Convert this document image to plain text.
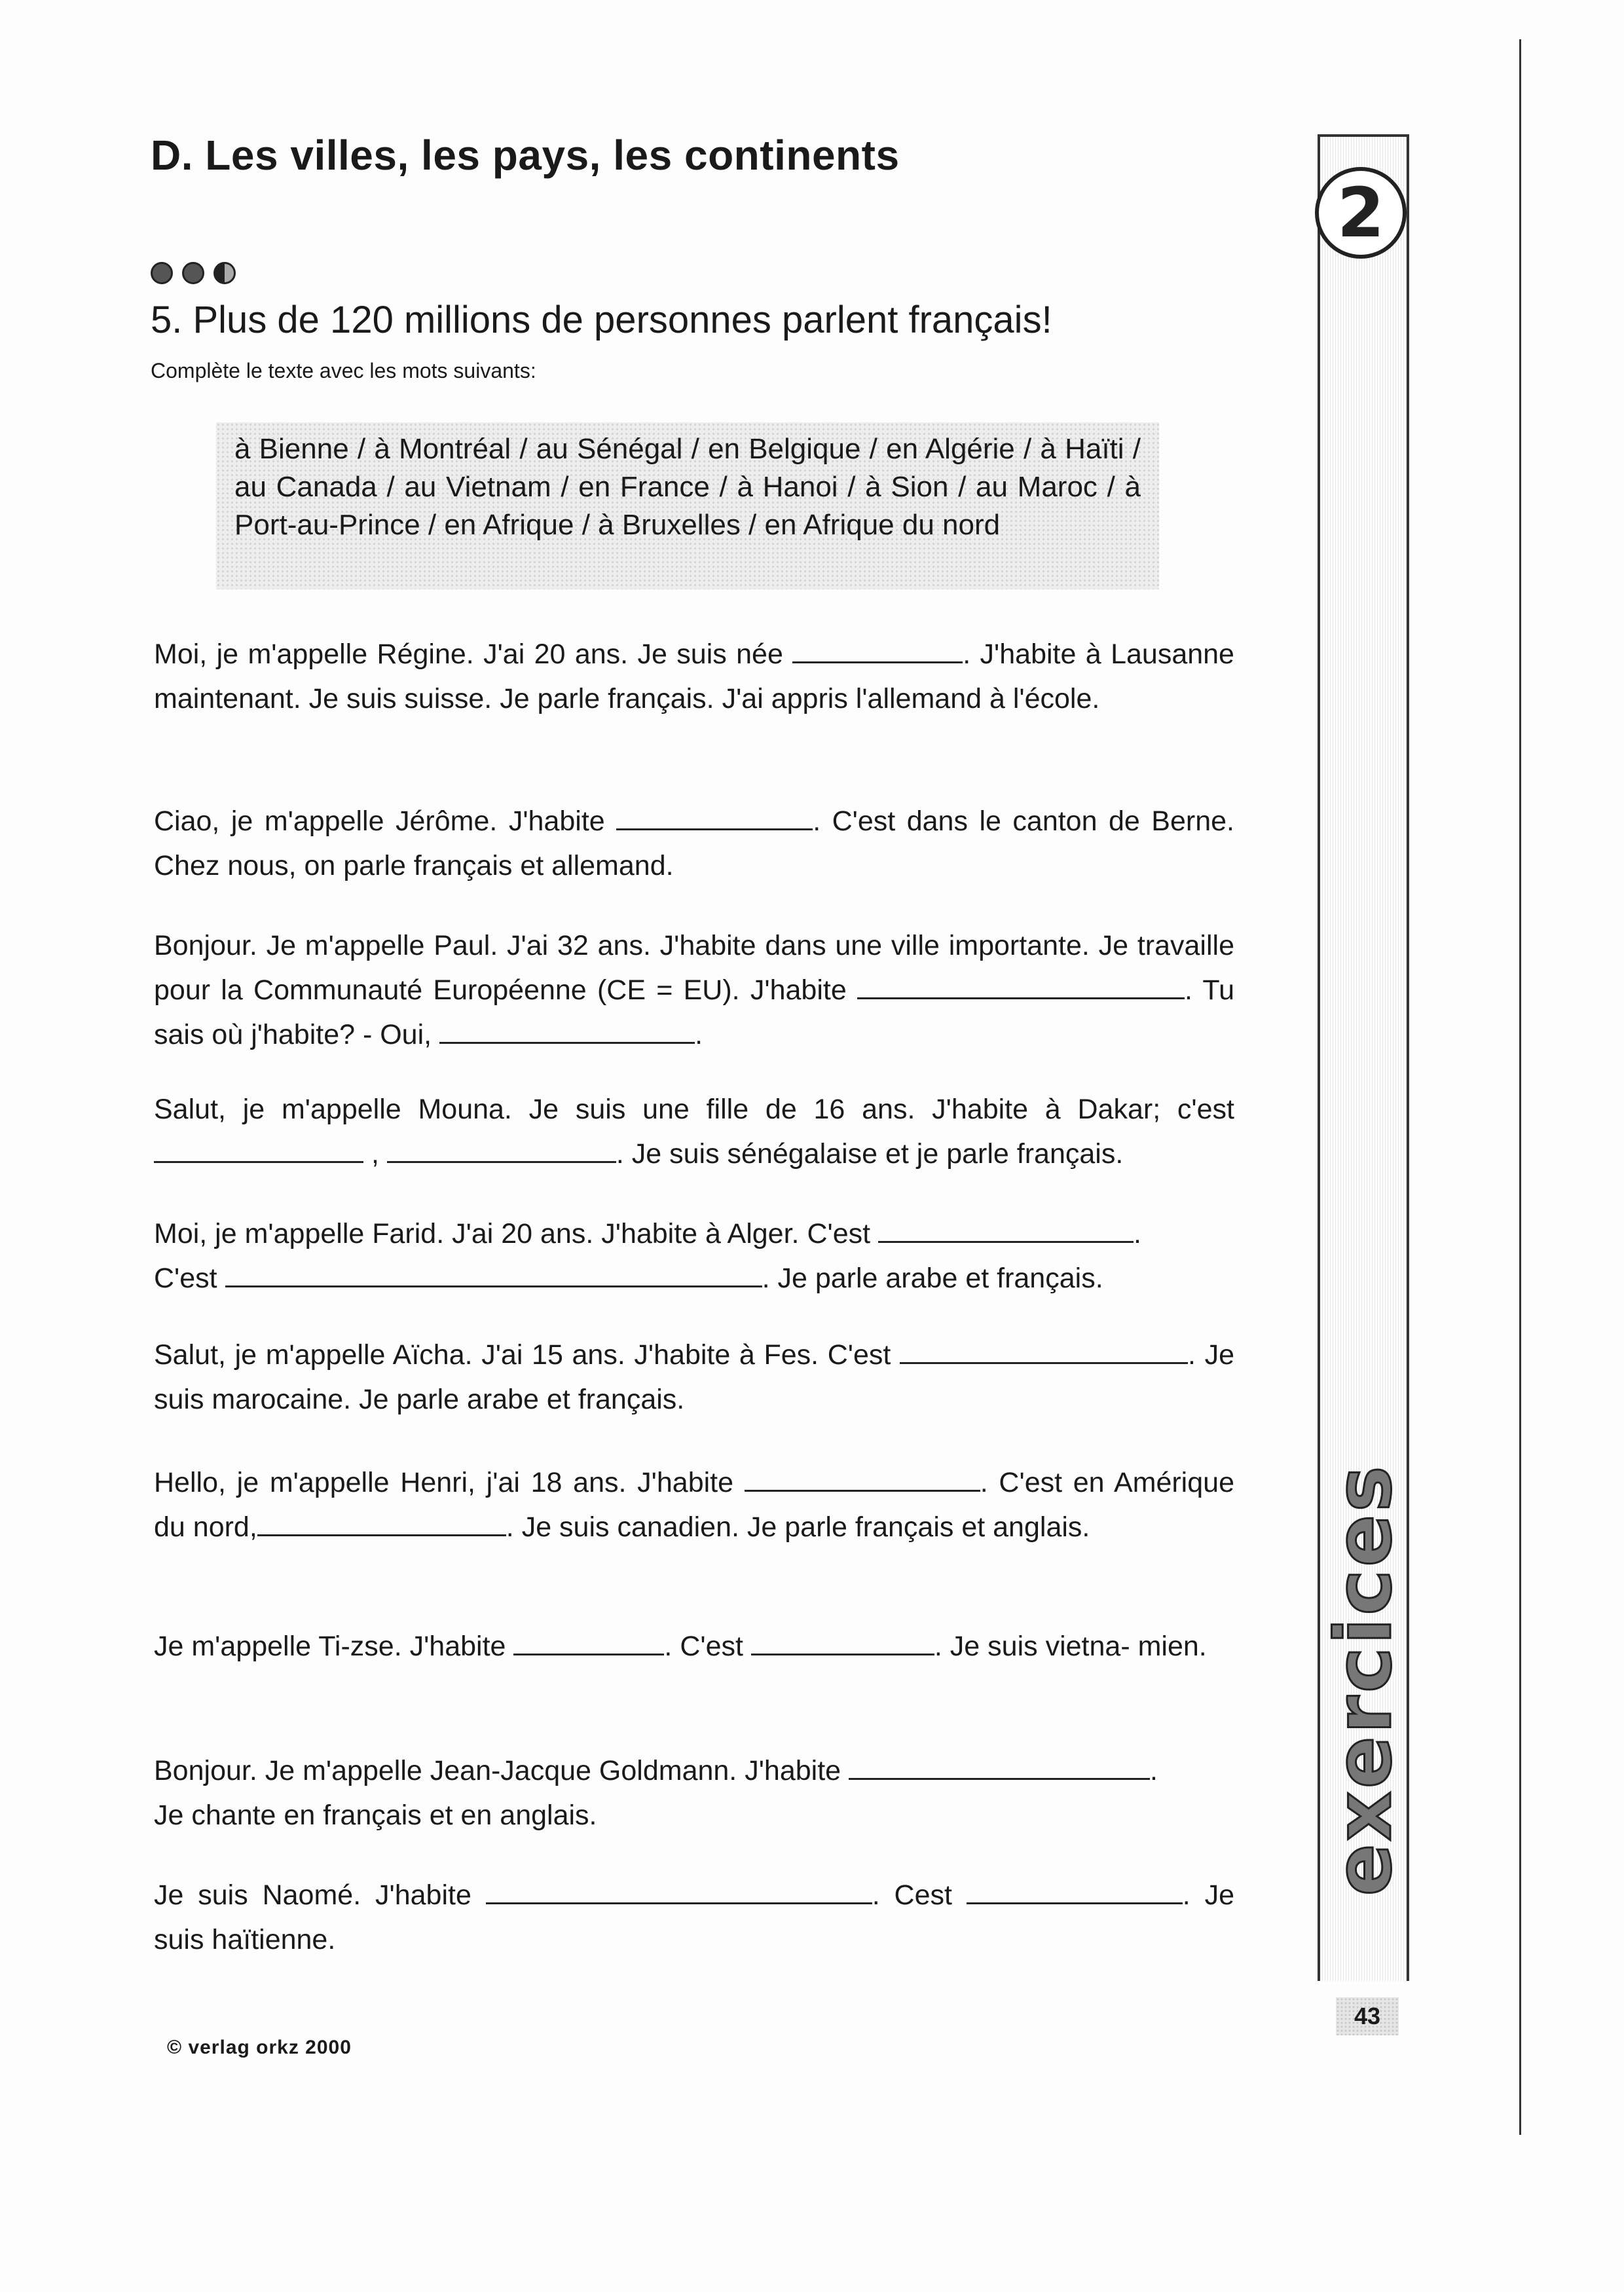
D. Les villes, les pays, les continents
5. Plus de 120 millions de personnes parlent français!
Complète le texte avec les mots suivants:
à Bienne / à Montréal / au Sénégal / en Belgique / en Algérie / à Haïti / au Canada / au Vietnam / en France / à Hanoi / à Sion / au Maroc / à Port-au-Prince / en Afrique / à Bruxelles / en Afrique du nord
Moi, je m'appelle Régine. J'ai 20 ans. Je suis née	. J'habite à Lausanne maintenant. Je suis suisse. Je parle français. J'ai appris l'allemand à l'école.
Ciao, je m'appelle Jérôme. J'habite	. C'est dans le canton de Berne. Chez nous, on parle français et allemand.
Bonjour. Je m'appelle Paul. J'ai 32 ans. J'habite dans une ville importante. Je travaille pour la Communauté Européenne (CE = EU). J'habite	. Tu sais où j'habite? - Oui,	.
Salut, je m'appelle Mouna. Je suis une fille de 16 ans. J'habite à Dakar; c'est  ,	. Je suis sénégalaise et je parle français.
Moi, je m'appelle Farid. J'ai 20 ans. J'habite à Alger. C'est	.
C'est	. Je parle arabe et français.
Salut, je m'appelle Aïcha. J'ai 15 ans. J'habite à Fes. C'est	. Je suis marocaine. Je parle arabe et français.
Hello, je m'appelle Henri, j'ai 18 ans. J'habite	. C'est en Amérique du nord,	. Je suis canadien. Je parle français et anglais.
Je m'appelle Ti-zse. J'habite	. C'est	. Je suis vietna- mien.
Bonjour. Je m'appelle Jean-Jacque Goldmann. J'habite	.
Je chante en français et en anglais.
Je suis Naomé. J'habite	. Cest	. Je suis haïtienne.
© verlag orkz 2000
2
exercices
43
